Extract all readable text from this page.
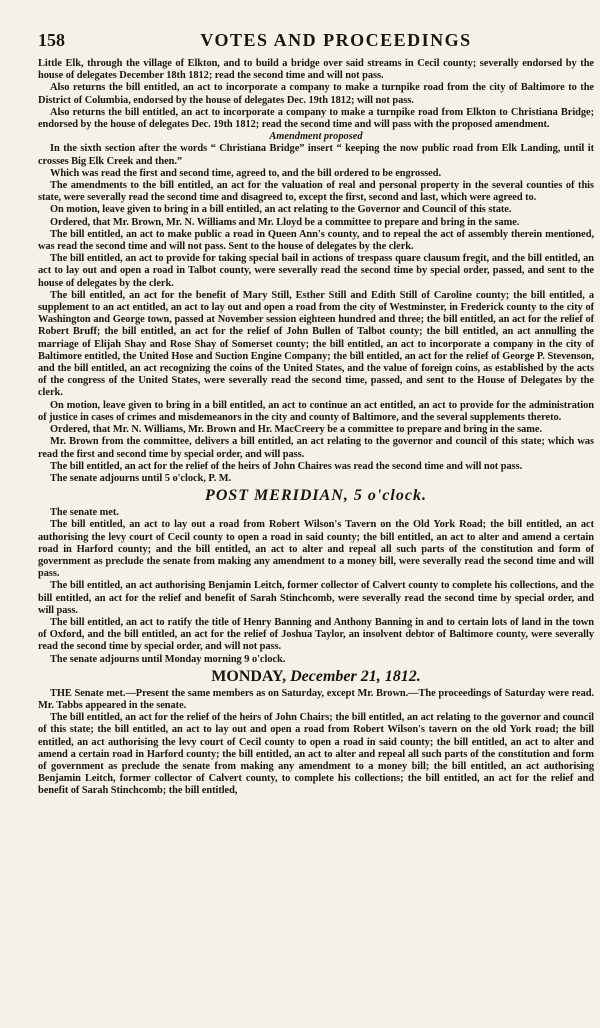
158	VOTES AND PROCEEDINGS

Little Elk, through the village of Elkton, and to build a bridge over said streams in Cecil county; severally endorsed by the house of delegates December 18th 1812; read the second time and will not pass.

Also returns the bill entitled, an act to incorporate a company to make a turnpike road from the city of Baltimore to the District of Columbia, endorsed by the house of delegates Dec. 19th 1812; will not pass.

Also returns the bill entitled, an act to incorporate a company to make a turnpike road from Elkton to Christiana Bridge; endorsed by the house of delegates Dec. 19th 1812; read the second time and will pass with the proposed amendment.

Amendment proposed

In the sixth section after the words “ Christiana Bridge” insert “ keeping the now public road from Elk Landing, until it crosses Big Elk Creek and then.”

Which was read the first and second time, agreed to, and the bill ordered to be engrossed.

The amendments to the bill entitled, an act for the valuation of real and personal property in the several counties of this state, were severally read the second time and disagreed to, except the first, second and last, which were agreed to.

On motion, leave given to bring in a bill entitled, an act relating to the Governor and Council of this state.

Ordered, that Mr. Brown, Mr. N. Williams and Mr. Lloyd be a committee to prepare and bring in the same.

The bill entitled, an act to make public a road in Queen Ann's county, and to repeal the act of assembly therein mentioned, was read the second time and will not pass. Sent to the house of delegates by the clerk.

The bill entitled, an act to provide for taking special bail in actions of trespass quare clausum fregit, and the bill entitled, an act to lay out and open a road in Talbot county, were severally read the second time by special order, passed, and sent to the house of delegates by the clerk.

The bill entitled, an act for the benefit of Mary Still, Esther Still and Edith Still of Caroline county; the bill entitled, a supplement to an act entitled, an act to lay out and open a road from the city of Westminster, in Frederick county to the city of Washington and George town, passed at November session eighteen hundred and three; the bill entitled, an act for the relief of Robert Bruff; the bill entitled, an act for the relief of John Bullen of Talbot county; the bill entitled, an act annulling the marriage of Elijah Shay and Rose Shay of Somerset county; the bill entitled, an act to incorporate a company in the city of Baltimore entitled, the United Hose and Suction Engine Company; the bill entitled, an act for the relief of George P. Stevenson, and the bill entitled, an act recognizing the coins of the United States, and the value of foreign coins, as established by the acts of the congress of the United States, were severally read the second time, passed, and sent to the House of Delegates by the clerk.

On motion, leave given to bring in a bill entitled, an act to continue an act entitled, an act to provide for the administration of justice in cases of crimes and misdemeanors in the city and county of Baltimore, and the several supplements thereto.

Ordered, that Mr. N. Williams, Mr. Brown and Hr. MacCreery be a committee to prepare and bring in the same.

Mr. Brown from the committee, delivers a bill entitled, an act relating to the governor and council of this state; which was read the first and second time by special order, and will pass.

The bill entitled, an act for the relief of the heirs of John Chaires was read the second time and will not pass.

The senate adjourns until 5 o'clock, P. M.

POST MERIDIAN, 5 o'clock.

The senate met.

The bill entitled, an act to lay out a road from Robert Wilson's Tavern on the Old York Road; the bill entitled, an act authorising the levy court of Cecil county to open a road in said county; the bill entitled, an act to alter and amend a certain road in Harford county; and the bill entitled, an act to alter and repeal all such parts of the constitution and form of government as preclude the senate from making any amendment to a money bill, were severally read the second time and will pass.

The bill entitled, an act authorising Benjamin Leitch, former collector of Calvert county to complete his collections, and the bill entitled, an act for the relief and benefit of Sarah Stinchcomb, were severally read the second time by special order, and will pass.

The bill entitled, an act to ratify the title of Henry Banning and Anthony Banning in and to certain lots of land in the town of Oxford, and the bill entitled, an act for the relief of Joshua Taylor, an insolvent debtor of Baltimore county, were severally read the second time by special order, and will not pass.

The senate adjourns until Monday morning 9 o'clock.

MONDAY, December 21, 1812.

THE Senate met.—Present the same members as on Saturday, except Mr. Brown.—The proceedings of Saturday were read. Mr. Tabbs appeared in the senate.

The bill entitled, an act for the relief of the heirs of John Chairs; the bill entitled, an act relating to the governor and council of this state; the bill entitled, an act to lay out and open a road from Robert Wilson's tavern on the old York road; the bill entitled, an act authorising the levy court of Cecil county to open a road in said county; the bill entitled, an act to alter and amend a certain road in Harford county; the bill entitled, an act to alter and repeal all such parts of the constitution and form of government as preclude the senate from making any amendment to a money bill; the bill entitled, an act authorising Benjamin Leitch, former collector of Calvert county, to complete his collections; the bill entitled, an act for the relief and benefit of Sarah Stinchcomb; the bill entitled,
